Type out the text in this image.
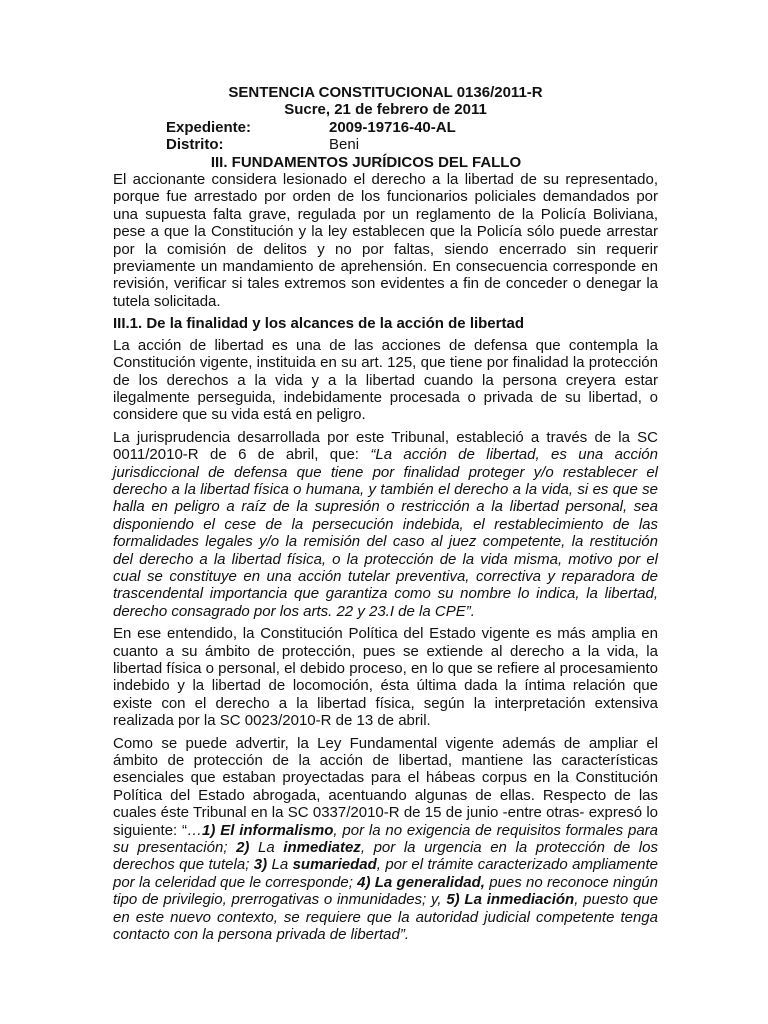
SENTENCIA CONSTITUCIONAL 0136/2011-R
Sucre, 21 de febrero de 2011
Expediente:	2009-19716-40-AL
Distrito:	Beni
III. FUNDAMENTOS JURÍDICOS DEL FALLO

El accionante considera lesionado el derecho a la libertad de su representado, porque fue arrestado por orden de los funcionarios policiales demandados por una supuesta falta grave, regulada por un reglamento de la Policía Boliviana, pese a que la Constitución y la ley establecen que la Policía sólo puede arrestar por la comisión de delitos y no por faltas, siendo encerrado sin requerir previamente un mandamiento de aprehensión. En consecuencia corresponde en revisión, verificar si tales extremos son evidentes a fin de conceder o denegar la tutela solicitada.

III.1. De la finalidad y los alcances de la acción de libertad

La acción de libertad es una de las acciones de defensa que contempla la Constitución vigente, instituida en su art. 125, que tiene por finalidad la protección de los derechos a la vida y a la libertad cuando la persona creyera estar ilegalmente perseguida, indebidamente procesada o privada de su libertad, o considere que su vida está en peligro.

La jurisprudencia desarrollada por este Tribunal, estableció a través de la SC 0011/2010-R de 6 de abril, que: “La acción de libertad, es una acción jurisdiccional de defensa que tiene por finalidad proteger y/o restablecer el derecho a la libertad física o humana, y también el derecho a la vida, si es que se halla en peligro a raíz de la supresión o restricción a la libertad personal, sea disponiendo el cese de la persecución indebida, el restablecimiento de las formalidades legales y/o la remisión del caso al juez competente, la restitución del derecho a la libertad física, o la protección de la vida misma, motivo por el cual se constituye en una acción tutelar preventiva, correctiva y reparadora de trascendental importancia que garantiza como su nombre lo indica, la libertad, derecho consagrado por los arts. 22 y 23.I de la CPE”.

En ese entendido, la Constitución Política del Estado vigente es más amplia en cuanto a su ámbito de protección, pues se extiende al derecho a la vida, la libertad física o personal, el debido proceso, en lo que se refiere al procesamiento indebido y la libertad de locomoción, ésta última dada la íntima relación que existe con el derecho a la libertad física, según la interpretación extensiva realizada por la SC 0023/2010-R de 13 de abril.

Como se puede advertir, la Ley Fundamental vigente además de ampliar el ámbito de protección de la acción de libertad, mantiene las características esenciales que estaban proyectadas para el hábeas corpus en la Constitución Política del Estado abrogada, acentuando algunas de ellas. Respecto de las cuales éste Tribunal en la SC 0337/2010-R de 15 de junio -entre otras- expresó lo siguiente: “…1) El informalismo, por la no exigencia de requisitos formales para su presentación; 2) La inmediatez, por la urgencia en la protección de los derechos que tutela; 3) La sumariedad, por el trámite caracterizado ampliamente por la celeridad que le corresponde; 4) La generalidad, pues no reconoce ningún tipo de privilegio, prerrogativas o inmunidades; y, 5) La inmediación, puesto que en este nuevo contexto, se requiere que la autoridad judicial competente tenga contacto con la persona privada de libertad”.
